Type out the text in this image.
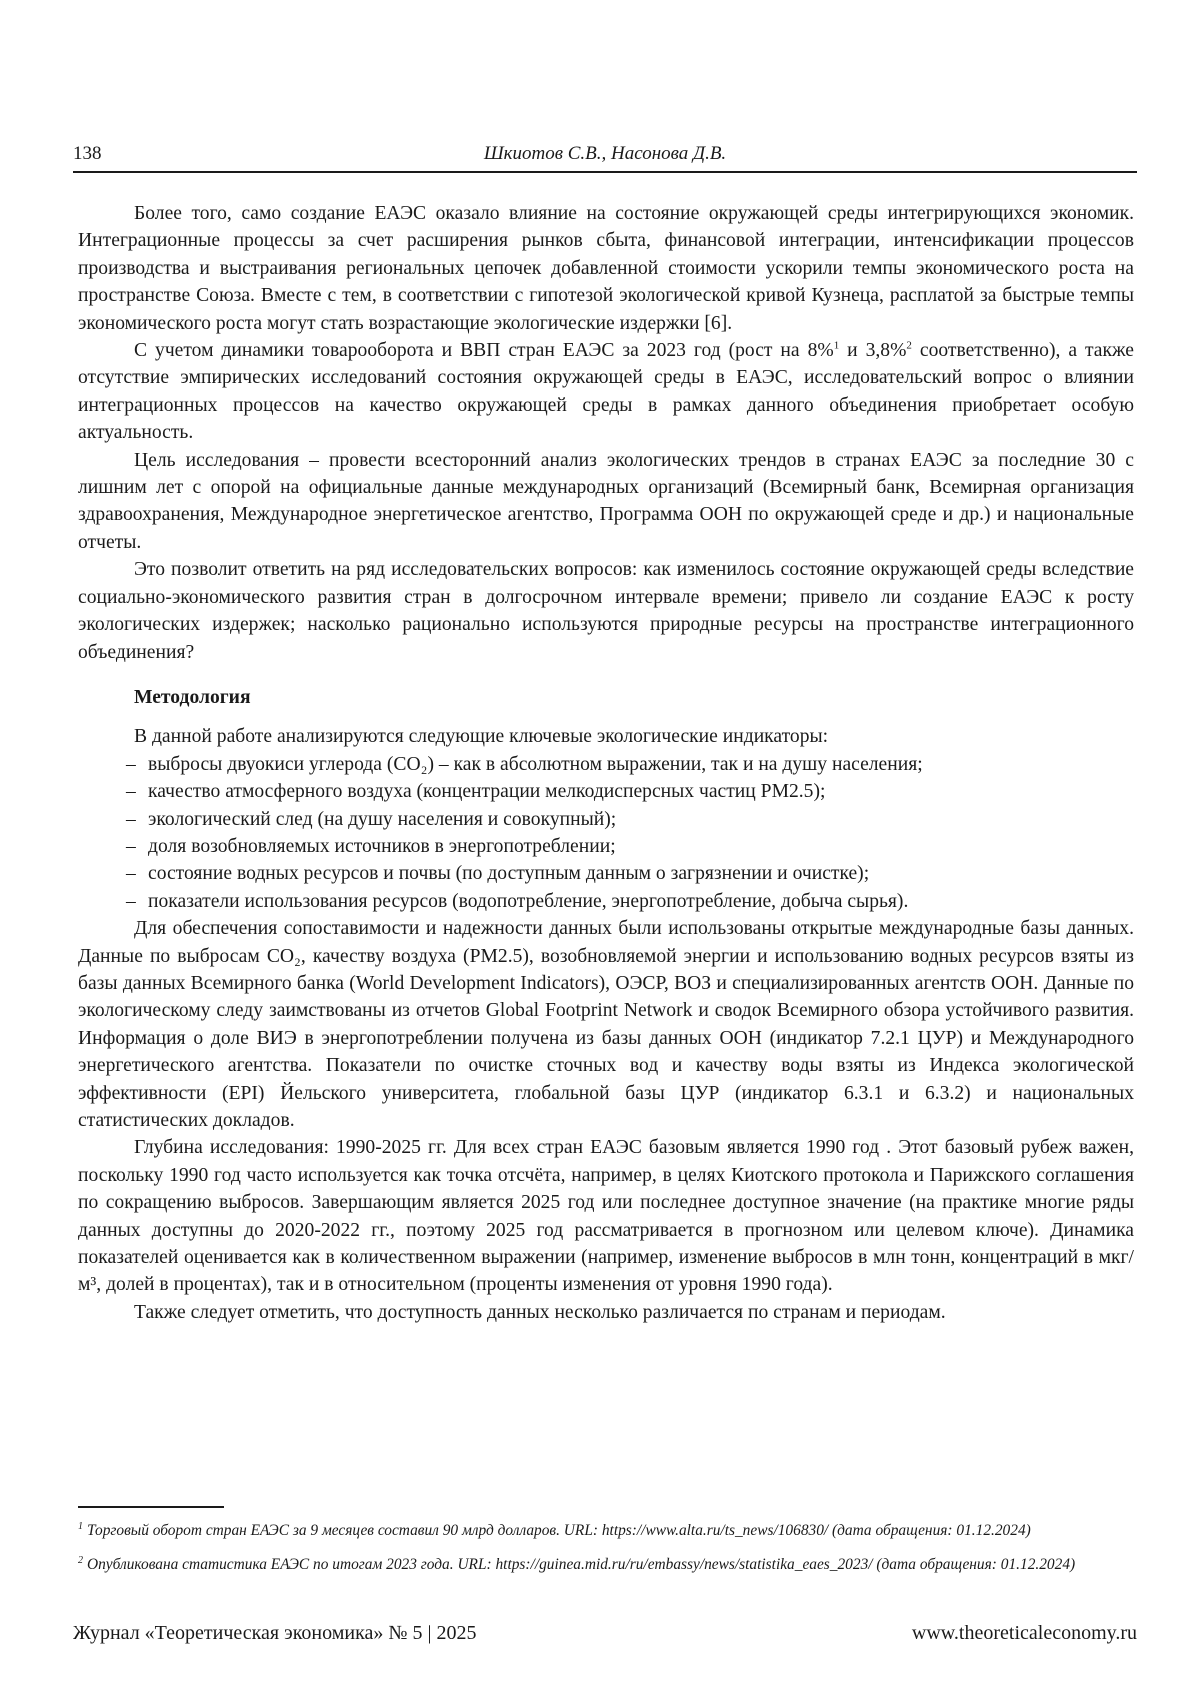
138	Шкиотов С.В., Насонова Д.В.

Более того, само создание ЕАЭС оказало влияние на состояние окружающей среды интегрирующихся экономик. Интеграционные процессы за счет расширения рынков сбыта, финансовой интеграции, интенсификации процессов производства и выстраивания региональных цепочек добавленной стоимости ускорили темпы экономического роста на пространстве Союза. Вместе с тем, в соответствии с гипотезой экологической кривой Кузнеца, расплатой за быстрые темпы экономического роста могут стать возрастающие экологические издержки [6].

С учетом динамики товарооборота и ВВП стран ЕАЭС за 2023 год (рост на 8%$^1$ и 3,8%$^2$ соответственно), а также отсутствие эмпирических исследований состояния окружающей среды в ЕАЭС, исследовательский вопрос о влиянии интеграционных процессов на качество окружающей среды в рамках данного объединения приобретает особую актуальность.

Цель исследования – провести всесторонний анализ экологических трендов в странах ЕАЭС за последние 30 с лишним лет с опорой на официальные данные международных организаций (Всемирный банк, Всемирная организация здравоохранения, Международное энергетическое агентство, Программа ООН по окружающей среде и др.) и национальные отчеты.

Это позволит ответить на ряд исследовательских вопросов: как изменилось состояние окружающей среды вследствие социально-экономического развития стран в долгосрочном интервале времени; привело ли создание ЕАЭС к росту экологических издержек; насколько рационально используются природные ресурсы на пространстве интеграционного объединения?

Методология

В данной работе анализируются следующие ключевые экологические индикаторы:

– выбросы двуокиси углерода (CO₂) – как в абсолютном выражении, так и на душу населения;
– качество атмосферного воздуха (концентрации мелкодисперсных частиц PM2.5);
– экологический след (на душу населения и совокупный);
– доля возобновляемых источников в энергопотреблении;
– состояние водных ресурсов и почвы (по доступным данным о загрязнении и очистке);
– показатели использования ресурсов (водопотребление, энергопотребление, добыча сырья).

Для обеспечения сопоставимости и надежности данных были использованы открытые международные базы данных. Данные по выбросам CO₂, качеству воздуха (PM2.5), возобновляемой энергии и использованию водных ресурсов взяты из базы данных Всемирного банка (World Development Indicators), ОЭСР, ВОЗ и специализированных агентств ООН. Данные по экологическому следу заимствованы из отчетов Global Footprint Network и сводок Всемирного обзора устойчивого развития. Информация о доле ВИЭ в энергопотреблении получена из базы данных ООН (индикатор 7.2.1 ЦУР) и Международного энергетического агентства. Показатели по очистке сточных вод и качеству воды взяты из Индекса экологической эффективности (EPI) Йельского университета, глобальной базы ЦУР (индикатор 6.3.1 и 6.3.2) и национальных статистических докладов.

Глубина исследования: 1990-2025 гг. Для всех стран ЕАЭС базовым является 1990 год . Этот базовый рубеж важен, поскольку 1990 год часто используется как точка отсчёта, например, в целях Киотского протокола и Парижского соглашения по сокращению выбросов. Завершающим является 2025 год или последнее доступное значение (на практике многие ряды данных доступны до 2020-2022 гг., поэтому 2025 год рассматривается в прогнозном или целевом ключе). Динамика показателей оценивается как в количественном выражении (например, изменение выбросов в млн тонн, концентраций в мкг/м³, долей в процентах), так и в относительном (проценты изменения от уровня 1990 года).

Также следует отметить, что доступность данных несколько различается по странам и периодам.

$^1$ Торговый оборот стран ЕАЭС за 9 месяцев составил 90 млрд долларов. URL: https://www.alta.ru/ts_news/106830/ (дата обращения: 01.12.2024)
$^2$ Опубликована статистика ЕАЭС по итогам 2023 года. URL: https://guinea.mid.ru/ru/embassy/news/statistika_eaes_2023/ (дата обращения: 01.12.2024)
Журнал «Теоретическая экономика» № 5 | 2025	www.theoreticaleconomy.ru
